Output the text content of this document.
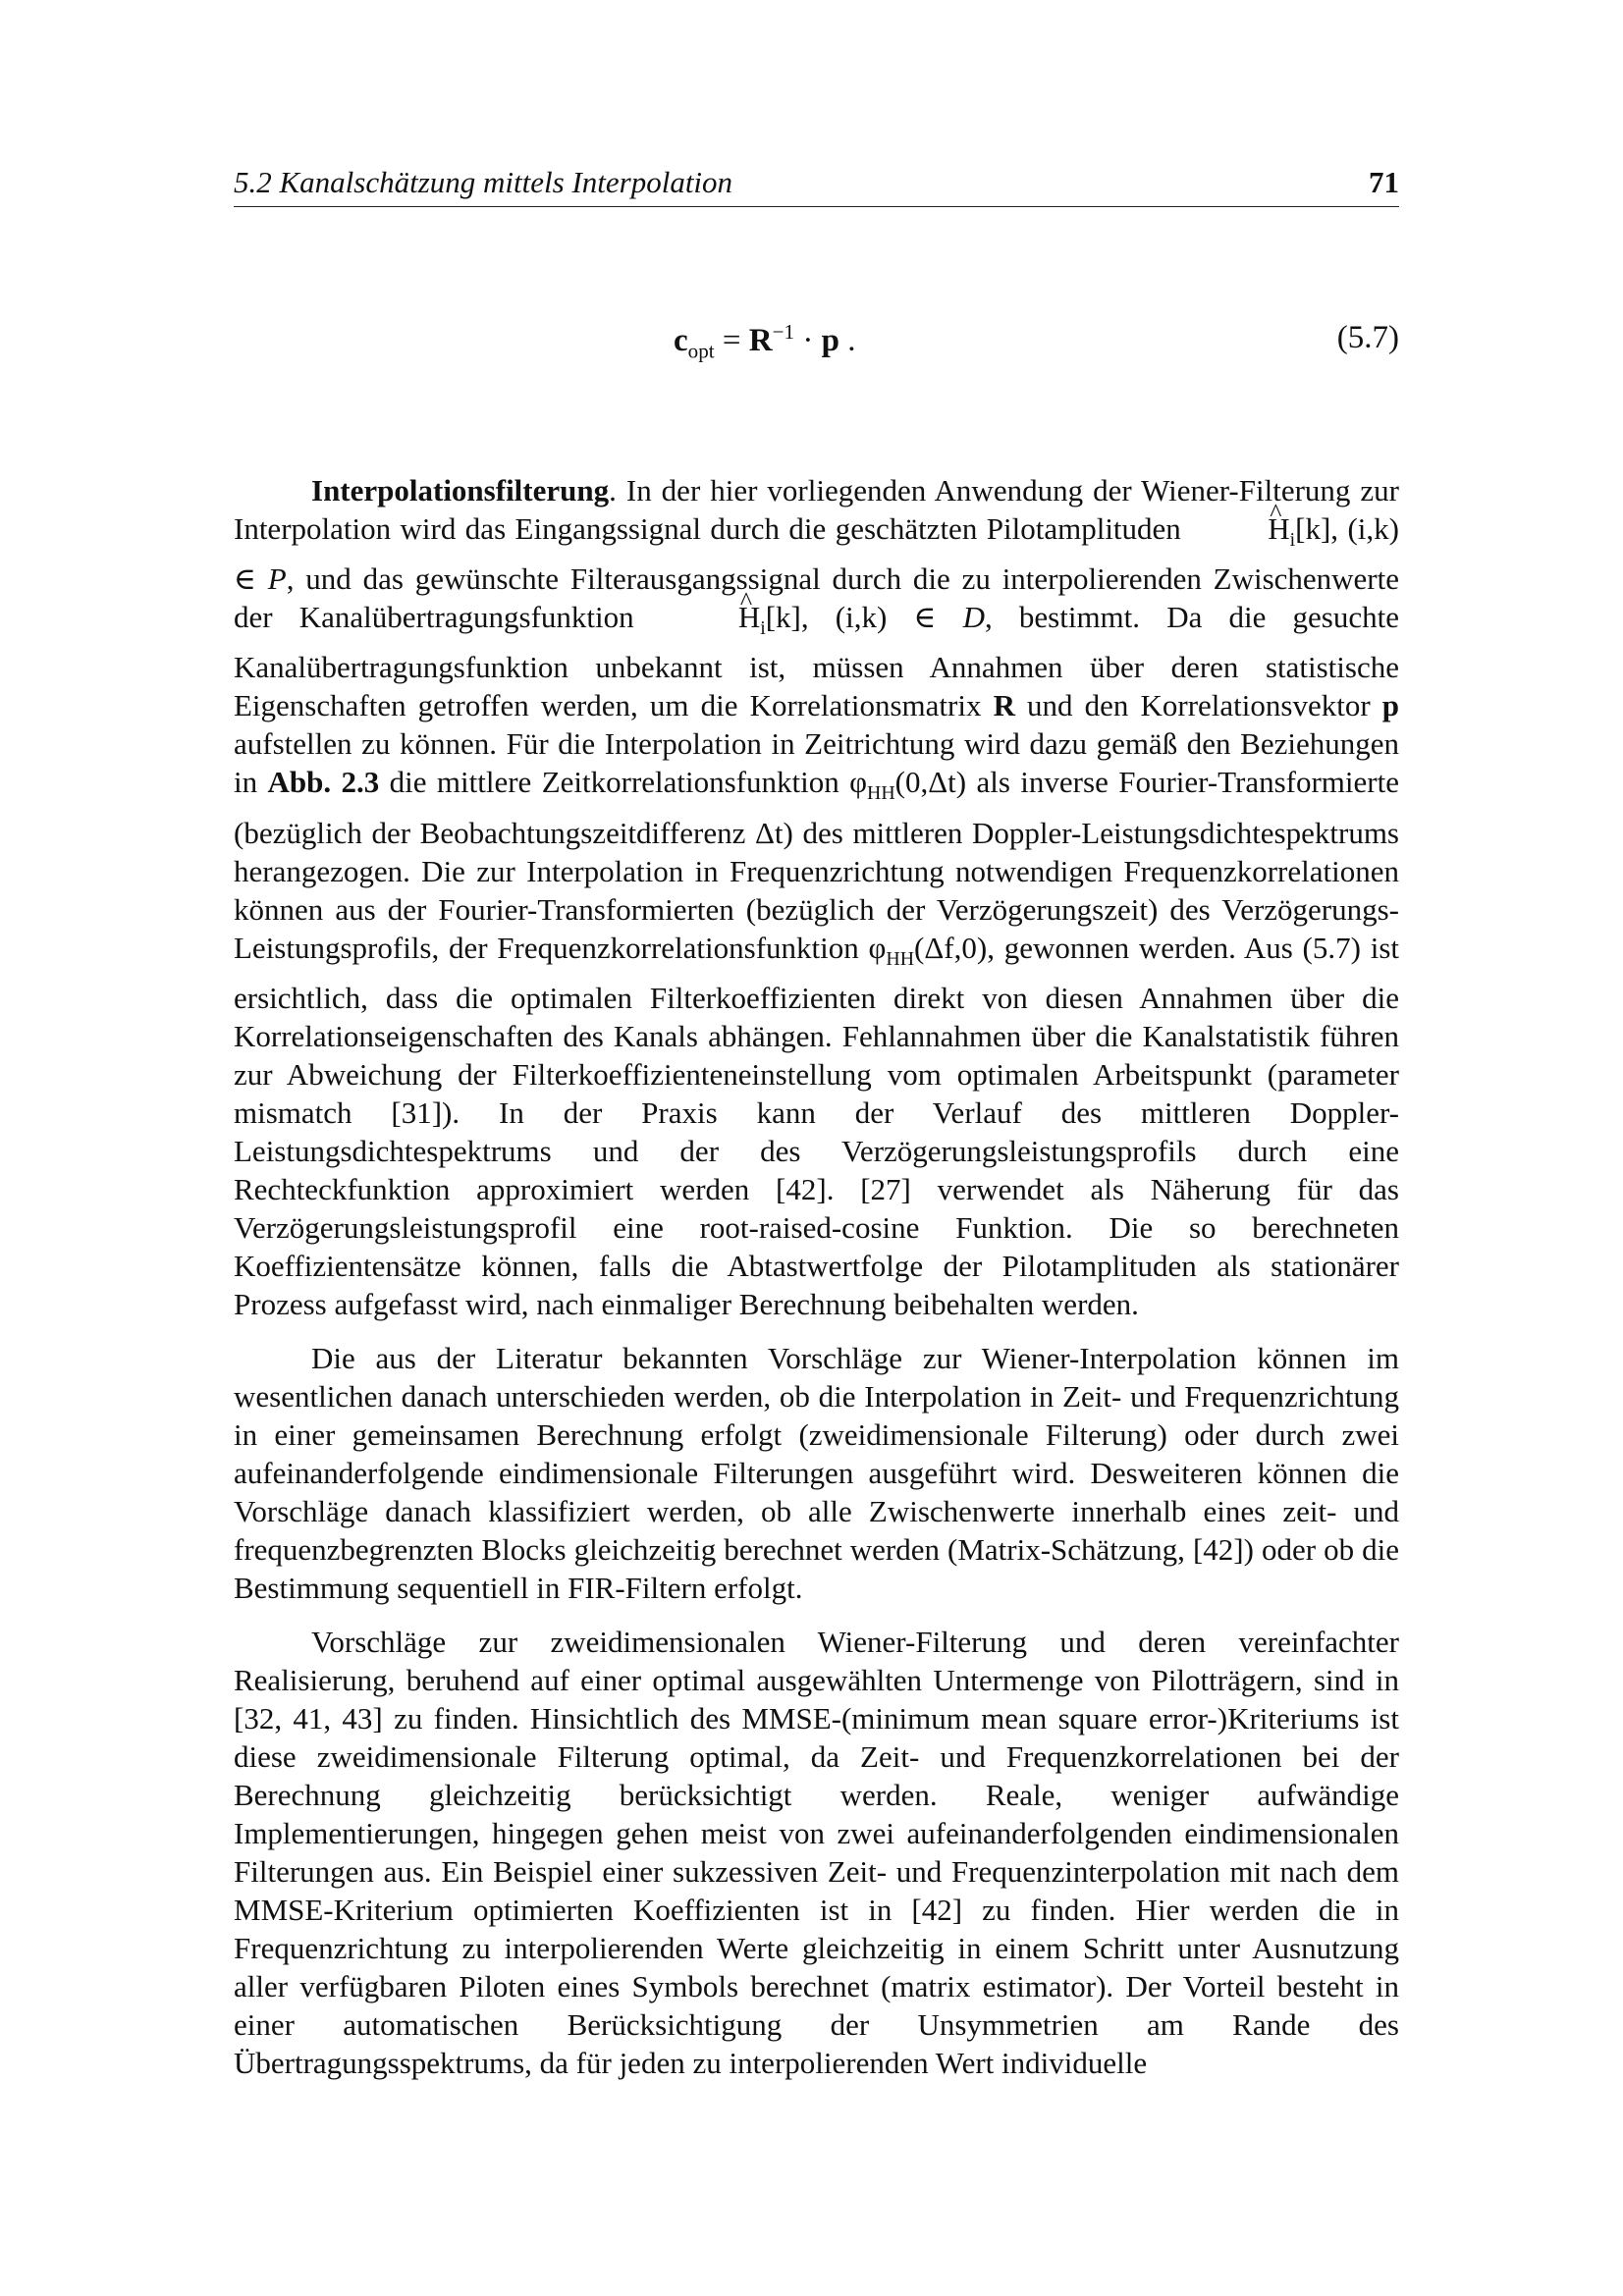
5.2 Kanalschätzung mittels Interpolation	71
$c_{opt} = R^{-1} \cdot p$ .	(5.7)

Interpolationsfilterung. In der hier vorliegenden Anwendung der Wiener-Filterung zur Interpolation wird das Eingangssignal durch die geschätzten Pilotamplituden	^ $H_i[k]$, (i,k) ∈ P, und das gewünschte Filterausgangssignal durch die zu interpolierenden Zwischenwerte der Kanalübertragungsfunktion	^ $H_i[k]$, (i,k) ∈ D, bestimmt. Da die gesuchte Kanalübertragungsfunktion unbekannt ist, müssen Annahmen über deren statistische Eigenschaften getroffen werden, um die Korrelationsmatrix R und den Korrelationsvektor p aufstellen zu können. Für die Interpolation in Zeitrichtung wird dazu gemäß den Beziehungen in Abb. 2.3 die mittlere Zeitkorrelationsfunktion $\varphi_{HH}(0,\Delta t)$ als inverse Fourier-Transformierte (bezüglich der Beobachtungszeitdifferenz Δt) des mittleren Doppler-Leistungsdichtespektrums herangezogen. Die zur Interpolation in Frequenzrichtung notwendigen Frequenzkorrelationen können aus der Fourier-Transformierten (bezüglich der Verzögerungszeit) des Verzögerungs-Leistungsprofils, der Frequenzkorrelationsfunktion $\varphi_{HH}(\Delta f,0)$, gewonnen werden. Aus (5.7) ist ersichtlich, dass die optimalen Filterkoeffizienten direkt von diesen Annahmen über die Korrelationseigenschaften des Kanals abhängen. Fehlannahmen über die Kanalstatistik führen zur Abweichung der Filterkoeffizienteneinstellung vom optimalen Arbeitspunkt (parameter mismatch [31]). In der Praxis kann der Verlauf des mittleren Doppler-Leistungsdichtespektrums und der des Verzögerungsleistungsprofils durch eine Rechteckfunktion approximiert werden [42]. [27] verwendet als Näherung für das Verzögerungsleistungsprofil eine root-raised-cosine Funktion. Die so berechneten Koeffizientensätze können, falls die Abtastwertfolge der Pilotamplituden als stationärer Prozess aufgefasst wird, nach einmaliger Berechnung beibehalten werden.

Die aus der Literatur bekannten Vorschläge zur Wiener-Interpolation können im wesentlichen danach unterschieden werden, ob die Interpolation in Zeit- und Frequenzrichtung in einer gemeinsamen Berechnung erfolgt (zweidimensionale Filterung) oder durch zwei aufeinanderfolgende eindimensionale Filterungen ausgeführt wird. Desweiteren können die Vorschläge danach klassifiziert werden, ob alle Zwischenwerte innerhalb eines zeit- und frequenzbegrenzten Blocks gleichzeitig berechnet werden (Matrix-Schätzung, [42]) oder ob die Bestimmung sequentiell in FIR-Filtern erfolgt.

Vorschläge zur zweidimensionalen Wiener-Filterung und deren vereinfachter Realisierung, beruhend auf einer optimal ausgewählten Untermenge von Pilotträgern, sind in [32, 41, 43] zu finden. Hinsichtlich des MMSE-(minimum mean square error-)Kriteriums ist diese zweidimensionale Filterung optimal, da Zeit- und Frequenzkorrelationen bei der Berechnung gleichzeitig berücksichtigt werden. Reale, weniger aufwändige Implementierungen, hingegen gehen meist von zwei aufeinanderfolgenden eindimensionalen Filterungen aus. Ein Beispiel einer sukzessiven Zeit- und Frequenzinterpolation mit nach dem MMSE-Kriterium optimierten Koeffizienten ist in [42] zu finden. Hier werden die in Frequenzrichtung zu interpolierenden Werte gleichzeitig in einem Schritt unter Ausnutzung aller verfügbaren Piloten eines Symbols berechnet (matrix estimator). Der Vorteil besteht in einer automatischen Berücksichtigung der Unsymmetrien am Rande des Übertragungsspektrums, da für jeden zu interpolierenden Wert individuelle
